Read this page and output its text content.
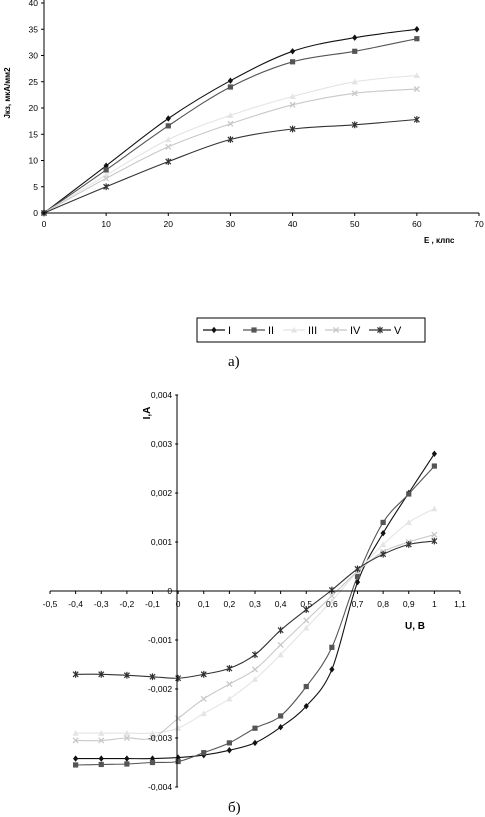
0
5
10
15
20
25
30
35
40
0	10	20	30	40	50	60	70
E , клпс
Jкз, мкА/мм2
I	II	III	IV	V
а)
-0,004
-0,003
-0,002
-0,001
0
0,001
0,002
0,003
0,004
-0,5 -0,4 -0,3 -0,2 -0,1 0 0,1 0,2 0,3 0,4 0,5 0,6 0,7 0,8 0,9 1 1,1
U, B
I,A
б)
